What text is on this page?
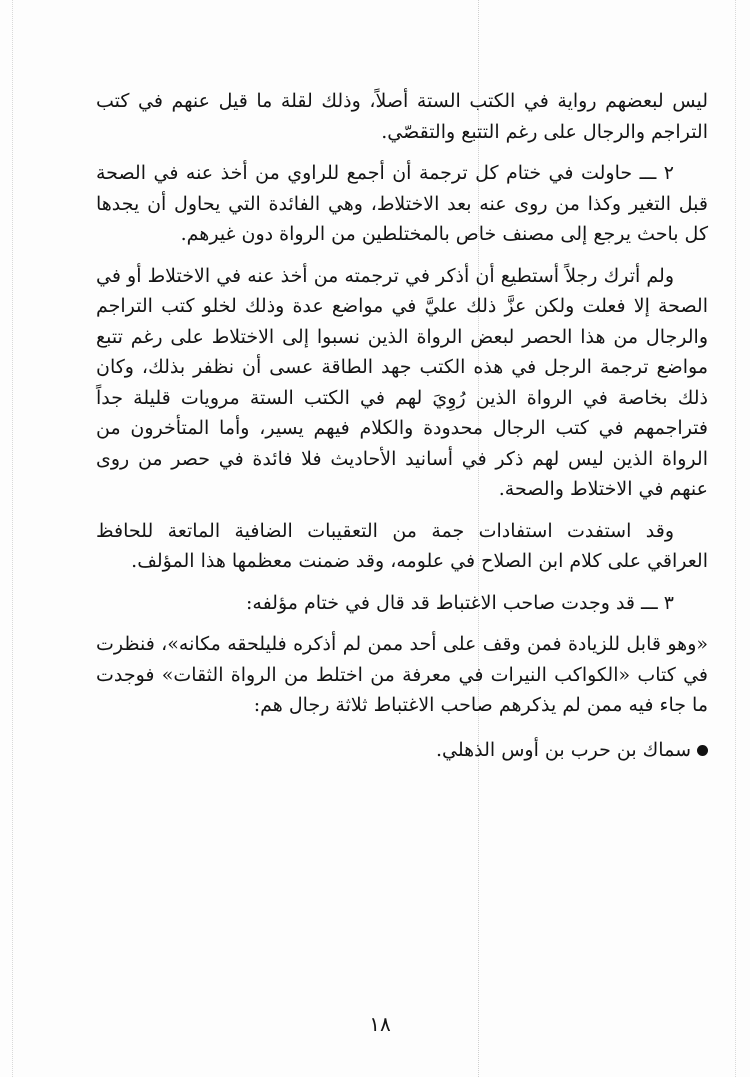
ليس لبعضهم رواية في الكتب الستة أصلاً، وذلك لقلة ما قيل عنهم في كتب التراجم والرجال على رغم التتبع والتقصّي.

٢ ـــ حاولت في ختام كل ترجمة أن أجمع للراوي من أخذ عنه في الصحة قبل التغير وكذا من روى عنه بعد الاختلاط، وهي الفائدة التي يحاول أن يجدها كل باحث يرجع إلى مصنف خاص بالمختلطين من الرواة دون غيرهم.

ولم أترك رجلاً أستطيع أن أذكر في ترجمته من أخذ عنه في الاختلاط أو في الصحة إلا فعلت ولكن عزَّ ذلك عليَّ في مواضع عدة وذلك لخلو كتب التراجم والرجال من هذا الحصر لبعض الرواة الذين نسبوا إلى الاختلاط على رغم تتبع مواضع ترجمة الرجل في هذه الكتب جهد الطاقة عسى أن نظفر بذلك، وكان ذلك بخاصة في الرواة الذين رُوِيَ لهم في الكتب الستة مرويات قليلة جداً فتراجمهم في كتب الرجال محدودة والكلام فيهم يسير، وأما المتأخرون من الرواة الذين ليس لهم ذكر في أسانيد الأحاديث فلا فائدة في حصر من روى عنهم في الاختلاط والصحة.

وقد استفدت استفادات جمة من التعقيبات الضافية الماتعة للحافظ العراقي على كلام ابن الصلاح في علومه، وقد ضمنت معظمها هذا المؤلف.

٣ ـــ قد وجدت صاحب الاغتباط قد قال في ختام مؤلفه:

«وهو قابل للزيادة فمن وقف على أحد ممن لم أذكره فليلحقه مكانه»، فنظرت في كتاب «الكواكب النيرات في معرفة من اختلط من الرواة الثقات» فوجدت ما جاء فيه ممن لم يذكرهم صاحب الاغتباط ثلاثة رجال هم:

سماك بن حرب بن أوس الذهلي.

١٨
